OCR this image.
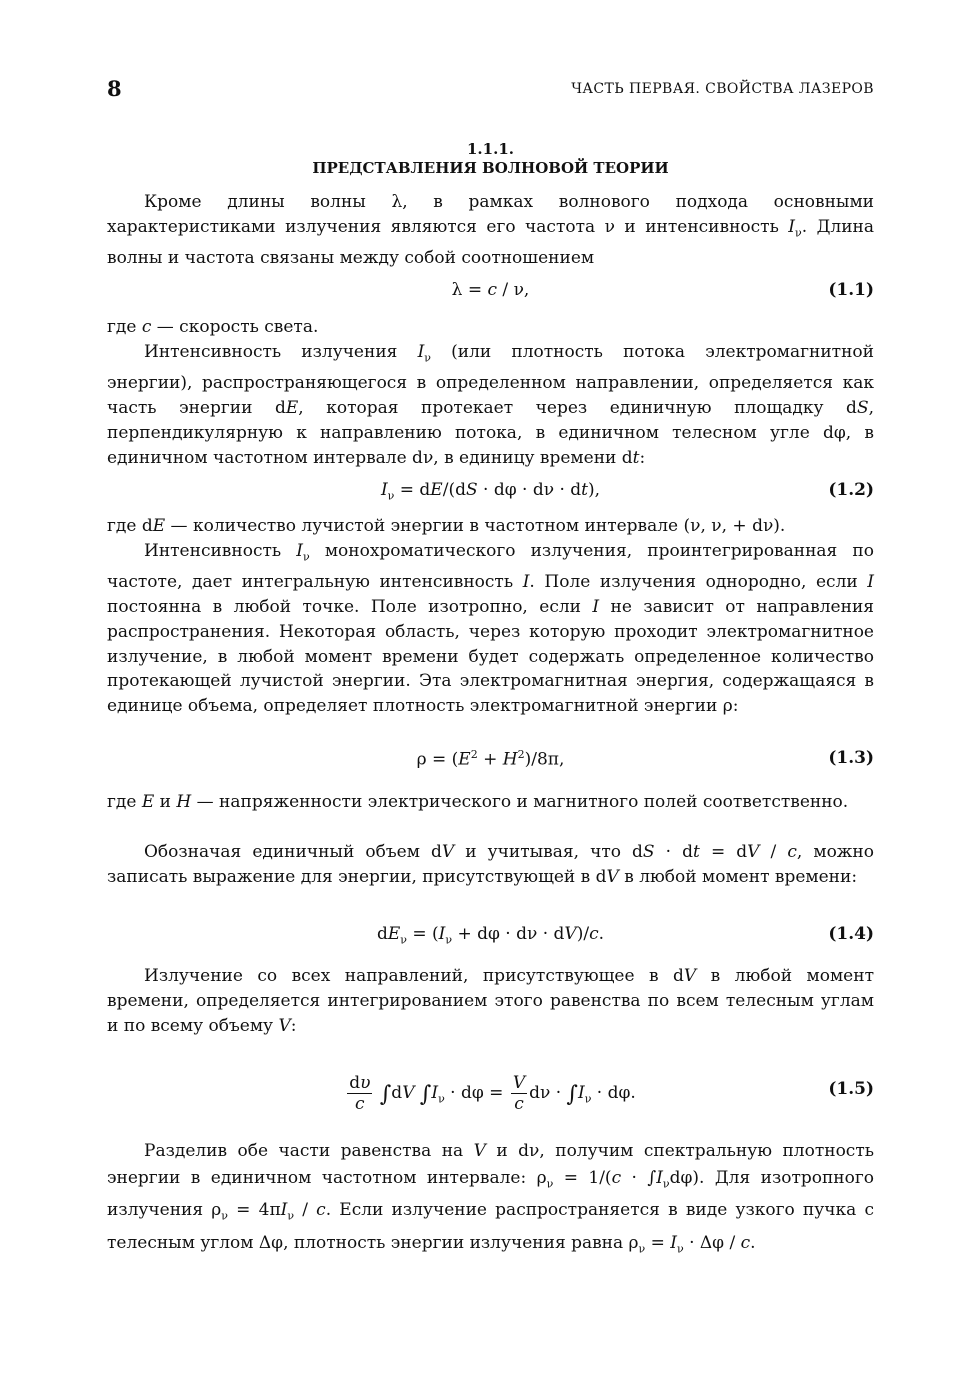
8	ЧАСТЬ ПЕРВАЯ. СВОЙСТВА ЛАЗЕРОВ
1.1.1.
ПРЕДСТАВЛЕНИЯ ВОЛНОВОЙ ТЕОРИИ

Кроме длины волны λ, в рамках волнового подхода основными характеристиками излучения являются его частота ν и интенсивность $I_\nu$. Длина волны и частота связаны между собой соотношением

λ = c / ν,	(1.1)

где c — скорость света.

Интенсивность излучения $I_\nu$ (или плотность потока электромагнитной энергии), распространяющегося в определенном направлении, определяется как часть энергии dE, которая протекает через единичную площадку dS, перпендикулярную к направлению потока, в единичном телесном угле dφ, в единичном частотном интервале dν, в единицу времени dt:

$I_\nu = dE/(dS \cdot d\varphi \cdot d\nu \cdot dt)$,	(1.2)

где dE — количество лучистой энергии в частотном интервале (ν, ν, + dν).

Интенсивность $I_\nu$ монохроматического излучения, проинтегрированная по частоте, дает интегральную интенсивность I. Поле излучения однородно, если I постоянна в любой точке. Поле изотропно, если I не зависит от направления распространения. Некоторая область, через которую проходит электромагнитное излучение, в любой момент времени будет содержать определенное количество протекающей лучистой энергии. Эта электромагнитная энергия, содержащаяся в единице объема, определяет плотность электромагнитной энергии ρ:

$\rho = (E^2 + H^2)/8\pi$,	(1.3)

где E и H — напряженности электрического и магнитного полей соответственно.

Обозначая единичный объем dV и учитывая, что dS · dt = dV / c, можно записать выражение для энергии, присутствующей в dV в любой момент времени:

$dE_\nu = (I_\nu + d\varphi \cdot d\nu \cdot dV)/c$.	(1.4)

Излучение со всех направлений, присутствующее в dV в любой момент времени, определяется интегрированием этого равенства по всем телесным углам и по всему объему V:

$\frac{d\upsilon}{c} \int dV$ $\int I_\nu \cdot d\varphi = \frac{V}{c}$ $d\nu \cdot \int I_\nu \cdot d\varphi$.	(1.5)

Разделив обе части равенства на V и dν, получим спектральную плотность энергии в единичном частотном интервале: $\rho_\nu = 1/(c \cdot \int I_\nu d\varphi)$. Для изотропного излучения $\rho_\nu = 4\pi I_\nu / c$. Если излучение распространяется в виде узкого пучка с телесным углом Δφ, плотность энергии излучения равна $\rho_\nu = I_\nu \cdot \Delta\varphi / c$.
